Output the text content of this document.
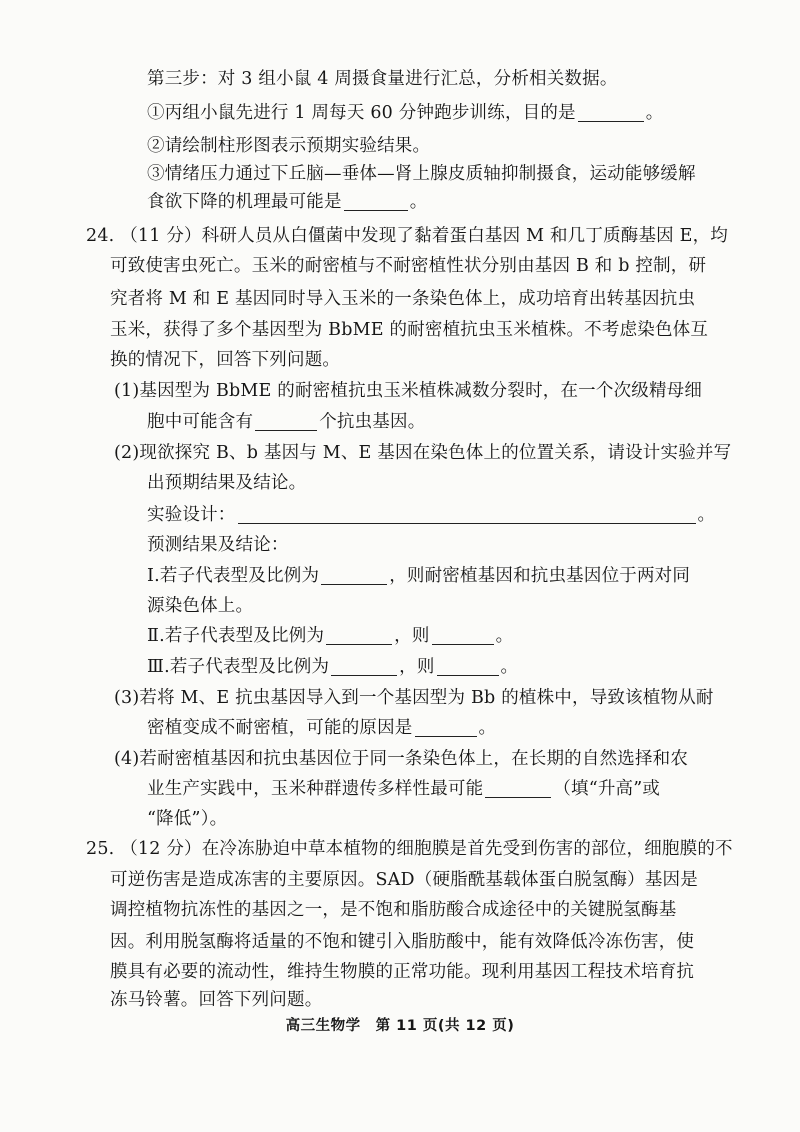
第三步：对 3 组小鼠 4 周摄食量进行汇总，分析相关数据。
①丙组小鼠先进行 1 周每天 60 分钟跑步训练，目的是	。
②请绘制柱形图表示预期实验结果。
③情绪压力通过下丘脑—垂体—肾上腺皮质轴抑制摄食，运动能够缓解
食欲下降的机理最可能是	。
24. （11 分）科研人员从白僵菌中发现了黏着蛋白基因 M 和几丁质酶基因 E，均
可致使害虫死亡。玉米的耐密植与不耐密植性状分别由基因 B 和 b 控制，研
究者将 M 和 E 基因同时导入玉米的一条染色体上，成功培育出转基因抗虫
玉米，获得了多个基因型为 BbME 的耐密植抗虫玉米植株。不考虑染色体互
换的情况下，回答下列问题。
(1)基因型为 BbME 的耐密植抗虫玉米植株减数分裂时，在一个次级精母细
胞中可能含有	个抗虫基因。
(2)现欲探究 B、b 基因与 M、E 基因在染色体上的位置关系，请设计实验并写
出预期结果及结论。
实验设计：	。
预测结果及结论：
Ⅰ.若子代表型及比例为	，则耐密植基因和抗虫基因位于两对同
源染色体上。
Ⅱ.若子代表型及比例为	，则	。
Ⅲ.若子代表型及比例为	，则	。
(3)若将 M、E 抗虫基因导入到一个基因型为 Bb 的植株中，导致该植物从耐
密植变成不耐密植，可能的原因是	。
(4)若耐密植基因和抗虫基因位于同一条染色体上，在长期的自然选择和农
业生产实践中，玉米种群遗传多样性最可能	（填“升高”或
“降低”）。
25. （12 分）在冷冻胁迫中草本植物的细胞膜是首先受到伤害的部位，细胞膜的不
可逆伤害是造成冻害的主要原因。SAD（硬脂酰基载体蛋白脱氢酶）基因是
调控植物抗冻性的基因之一，是不饱和脂肪酸合成途径中的关键脱氢酶基
因。利用脱氢酶将适量的不饱和键引入脂肪酸中，能有效降低冷冻伤害，使
膜具有必要的流动性，维持生物膜的正常功能。现利用基因工程技术培育抗
冻马铃薯。回答下列问题。
高三生物学　第 11 页(共 12 页)
